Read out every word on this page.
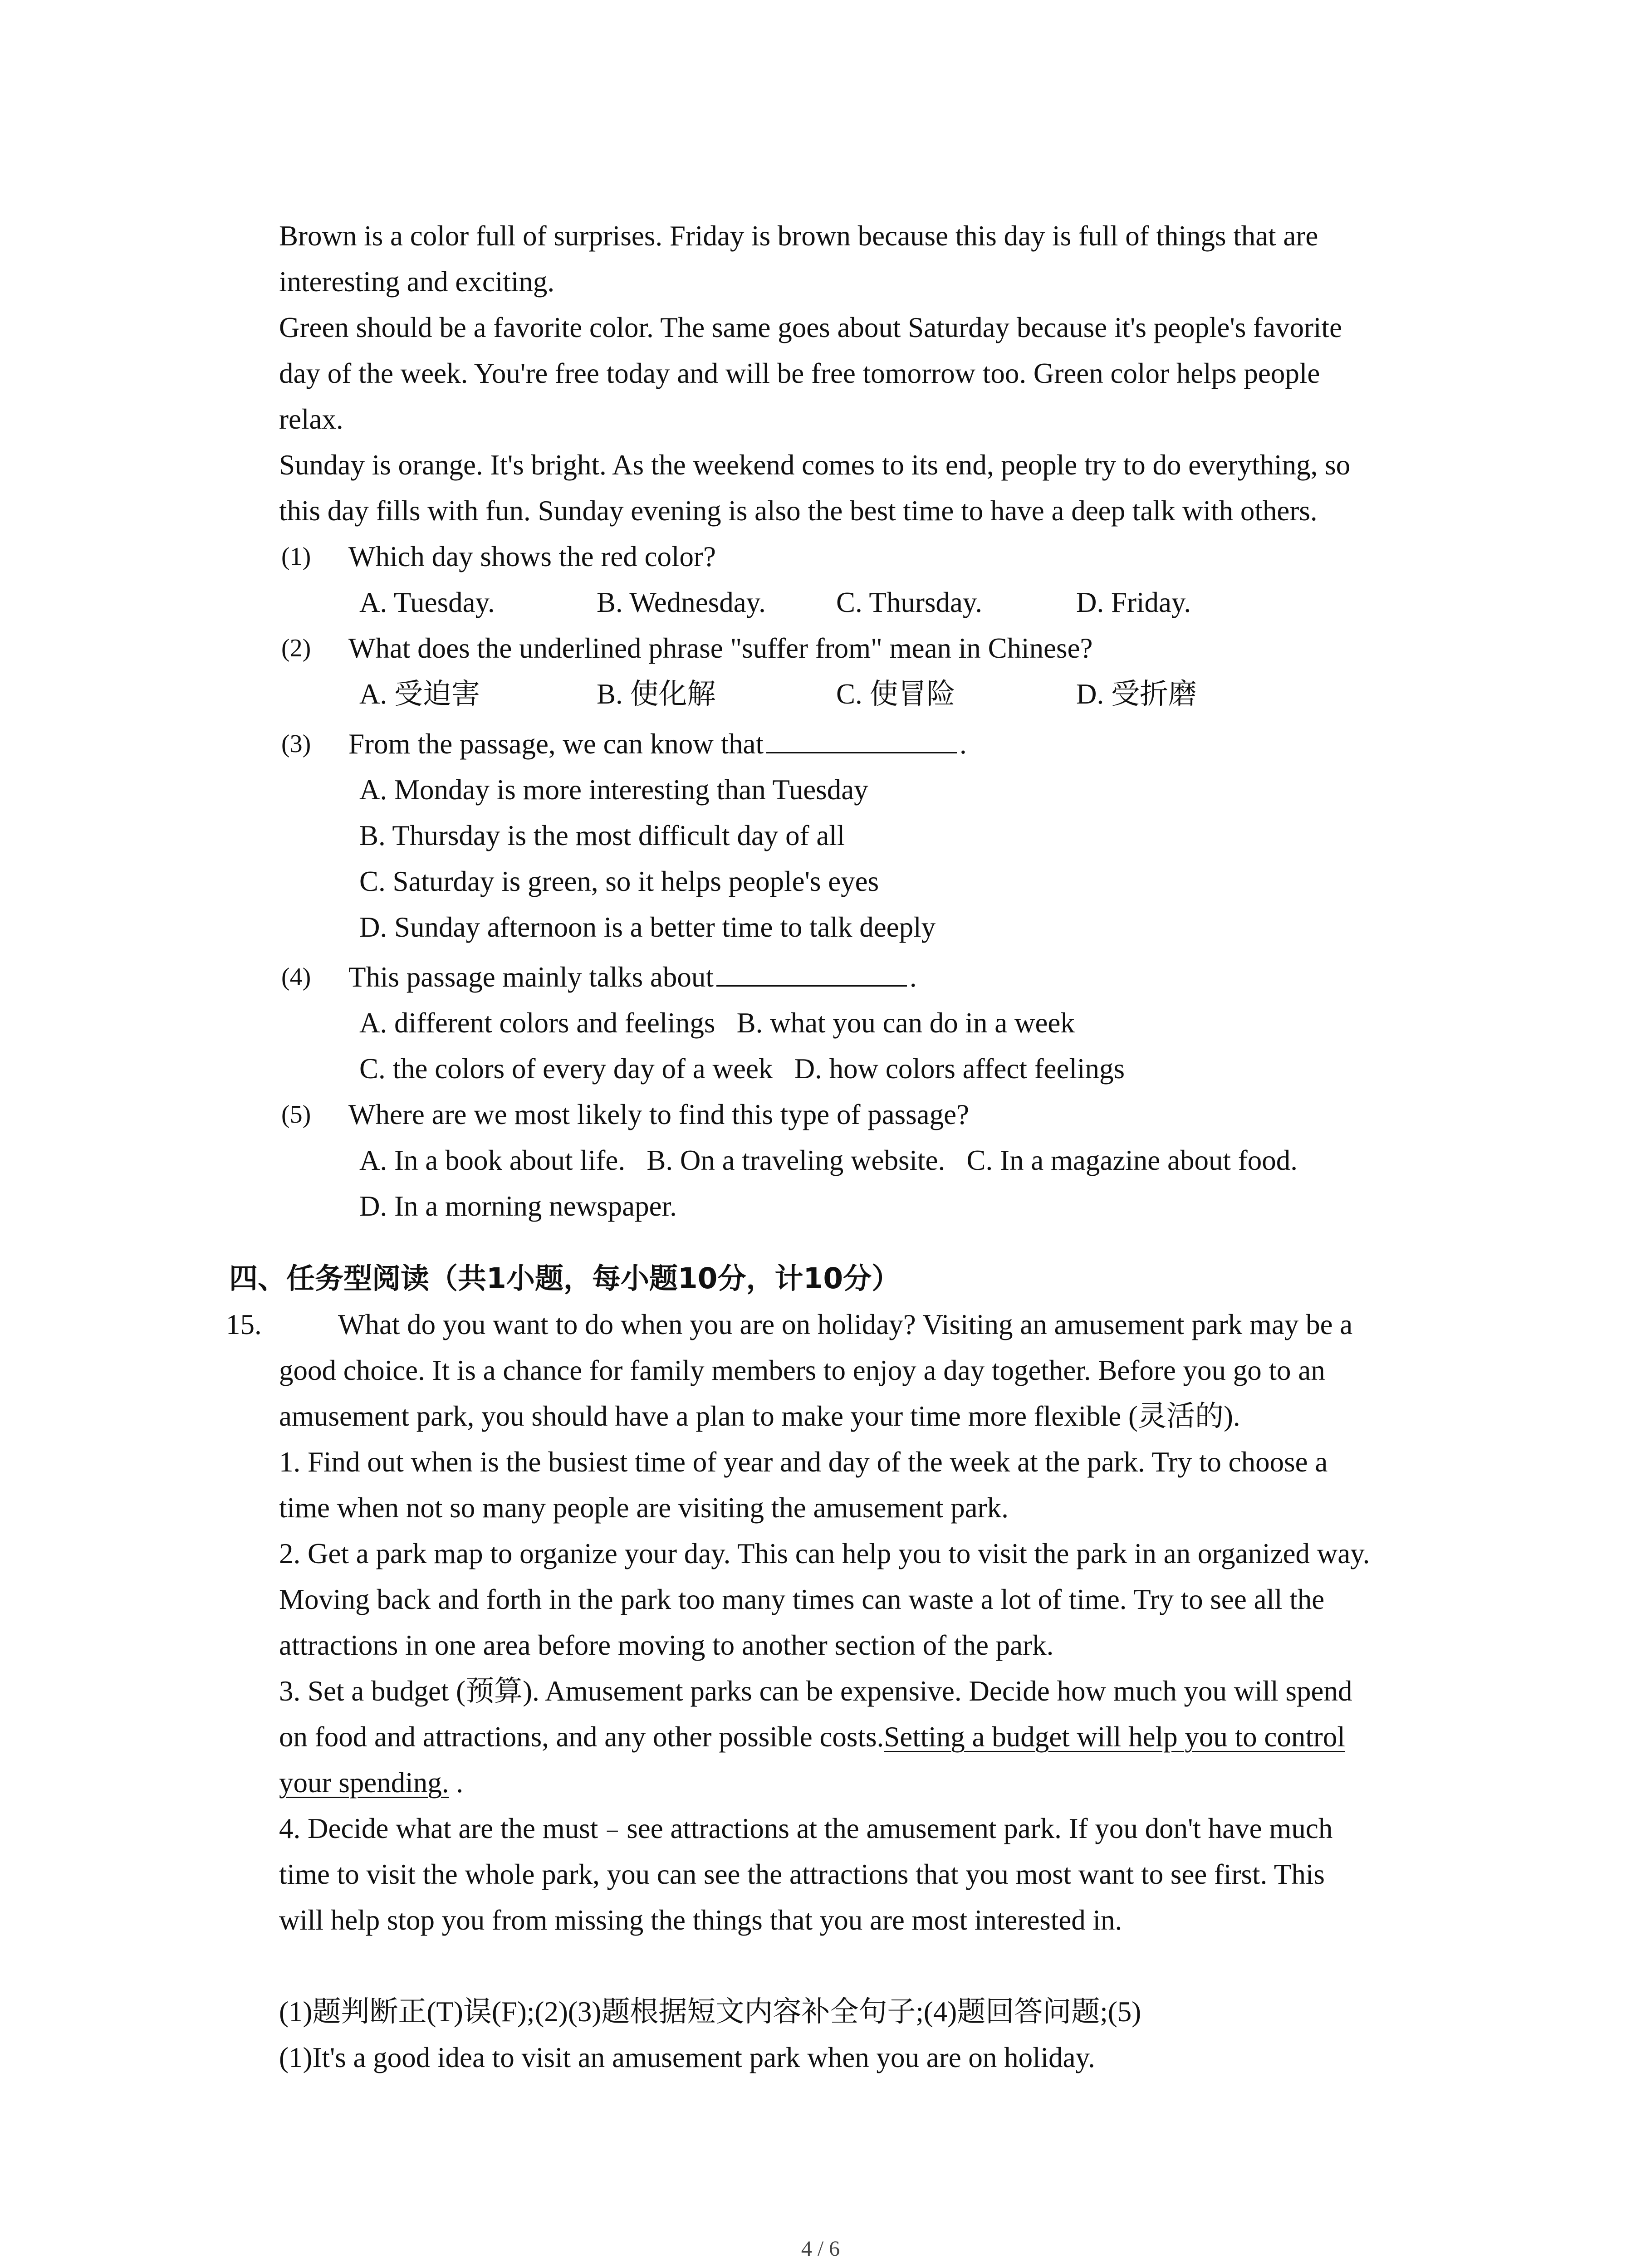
Brown is a color full of surprises. Friday is brown because this day is full of things that are
interesting and exciting.
Green should be a favorite color. The same goes about Saturday because it's people's favorite
day of the week. You're free today and will be free tomorrow too. Green color helps people
relax.
Sunday is orange. It's bright. As the weekend comes to its end, people try to do everything, so
this day fills with fun. Sunday evening is also the best time to have a deep talk with others.
(1) Which day shows the red color?
A. Tuesday.	B. Wednesday. C. Thursday.	D. Friday.
(2) What does the underlined phrase "suffer from" mean in Chinese?
A. 受迫害	B. 使化解	C. 使冒险	D. 受折磨
(3) From the passage, we can know that	.
A. Monday is more interesting than Tuesday
B. Thursday is the most difficult day of all
C. Saturday is green, so it helps people's eyes
D. Sunday afternoon is a better time to talk deeply
(4) This passage mainly talks about	.
A. different colors and feelings   B. what you can do in a week
C. the colors of every day of a week   D. how colors affect feelings
(5) Where are we most likely to find this type of passage?
A. In a book about life.   B. On a traveling website.   C. In a magazine about food.
D. In a morning newspaper.
四、任务型阅读（共1小题，每小题10分，计10分）
15.	What do you want to do when you are on holiday? Visiting an amusement park may be a
good choice. It is a chance for family members to enjoy a day together. Before you go to an
amusement park, you should have a plan to make your time more flexible (灵活的).
1. Find out when is the busiest time of year and day of the week at the park. Try to choose a
time when not so many people are visiting the amusement park.
2. Get a park map to organize your day. This can help you to visit the park in an organized way.
Moving back and forth in the park too many times can waste a lot of time. Try to see all the
attractions in one area before moving to another section of the park.
3. Set a budget (预算). Amusement parks can be expensive. Decide how much you will spend
on food and attractions, and any other possible costs.Setting a budget will help you to control
your spending. .
4. Decide what are the must﹣see attractions at the amusement park. If you don't have much
time to visit the whole park, you can see the attractions that you most want to see first. This
will help stop you from missing the things that you are most interested in.
(1)题判断正(T)误(F);(2)(3)题根据短文内容补全句子;(4)题回答问题;(5)
(1)It's a good idea to visit an amusement park when you are on holiday.
4 / 6
